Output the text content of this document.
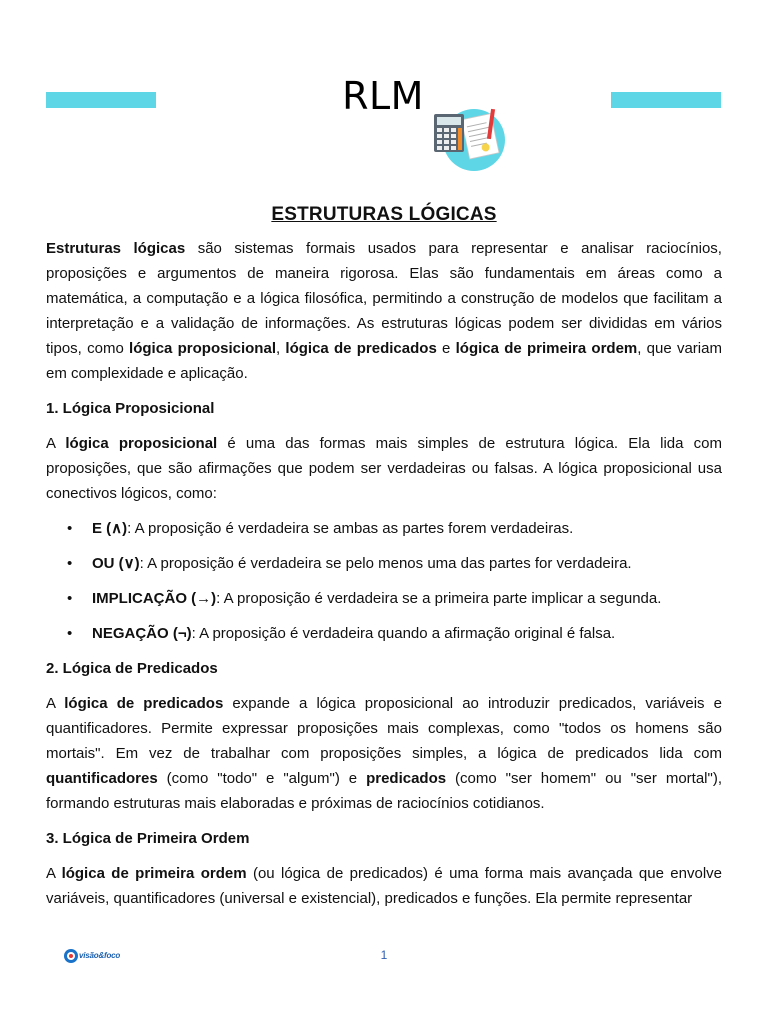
RLM
ESTRUTURAS LÓGICAS

Estruturas lógicas são sistemas formais usados para representar e analisar raciocínios, proposições e argumentos de maneira rigorosa. Elas são fundamentais em áreas como a matemática, a computação e a lógica filosófica, permitindo a construção de modelos que facilitam a interpretação e a validação de informações. As estruturas lógicas podem ser divididas em vários tipos, como lógica proposicional, lógica de predicados e lógica de primeira ordem, que variam em complexidade e aplicação.

1. Lógica Proposicional

A lógica proposicional é uma das formas mais simples de estrutura lógica. Ela lida com proposições, que são afirmações que podem ser verdadeiras ou falsas. A lógica proposicional usa conectivos lógicos, como:

• E (∧): A proposição é verdadeira se ambas as partes forem verdadeiras.
• OU (∨): A proposição é verdadeira se pelo menos uma das partes for verdadeira.
• IMPLICAÇÃO (→): A proposição é verdadeira se a primeira parte implicar a segunda.
• NEGAÇÃO (¬): A proposição é verdadeira quando a afirmação original é falsa.

2. Lógica de Predicados

A lógica de predicados expande a lógica proposicional ao introduzir predicados, variáveis e quantificadores. Permite expressar proposições mais complexas, como "todos os homens são mortais". Em vez de trabalhar com proposições simples, a lógica de predicados lida com quantificadores (como "todo" e "algum") e predicados (como "ser homem" ou "ser mortal"), formando estruturas mais elaboradas e próximas de raciocínios cotidianos.

3. Lógica de Primeira Ordem

A lógica de primeira ordem (ou lógica de predicados) é uma forma mais avançada que envolve variáveis, quantificadores (universal e existencial), predicados e funções. Ela permite representar

visão&foco	1
